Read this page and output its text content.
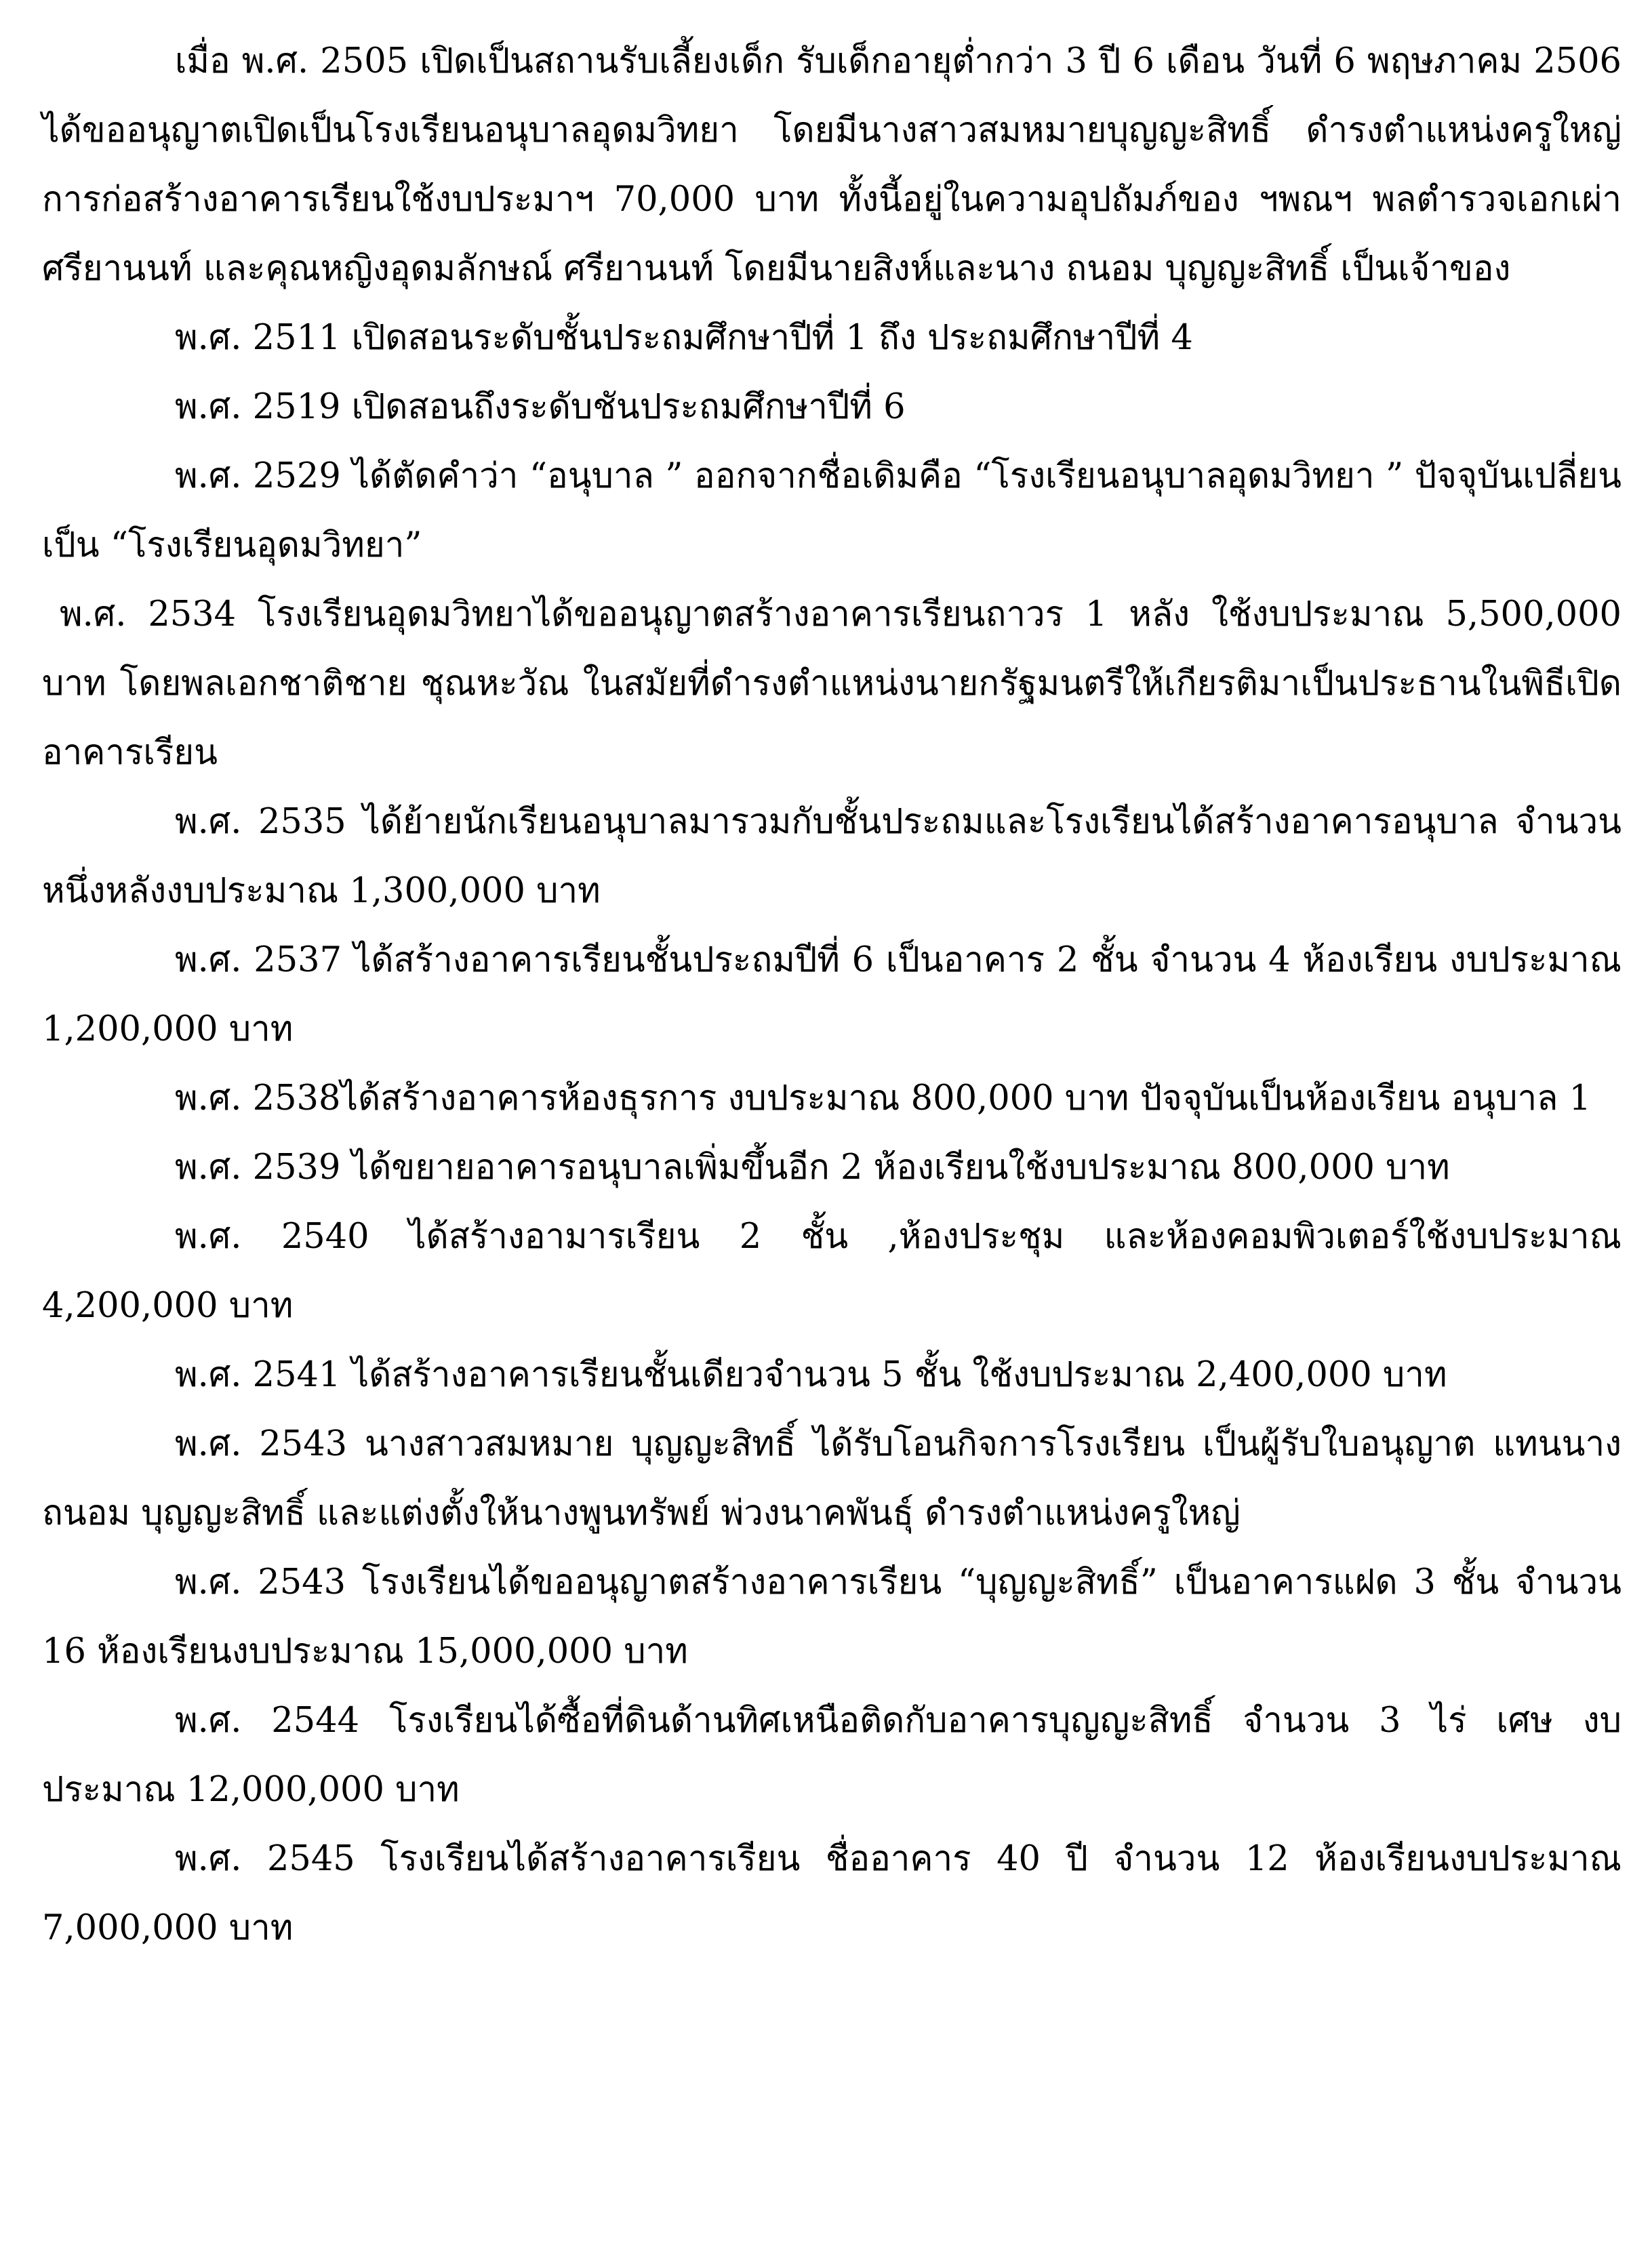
เมื่อ พ.ศ. 2505 เปิดเป็นสถานรับเลี้ยงเด็ก รับเด็กอายุต่ำกว่า 3 ปี 6 เดือน วันที่ 6 พฤษภาคม 2506 ได้ขออนุญาตเปิดเป็นโรงเรียนอนุบาลอุดมวิทยา โดยมีนางสาวสมหมายบุญญะสิทธิ์ ดำรงตำแหน่งครูใหญ่ การก่อสร้างอาคารเรียนใช้งบประมาฯ 70,000 บาท ทั้งนี้อยู่ในความอุปถัมภ์ของ ฯพณฯ พลตำรวจเอกเผ่า ศรียานนท์ และคุณหญิงอุดมลักษณ์ ศรียานนท์ โดยมีนายสิงห์และนาง ถนอม บุญญะสิทธิ์ เป็นเจ้าของ

พ.ศ. 2511 เปิดสอนระดับชั้นประถมศึกษาปีที่ 1 ถึง ประถมศึกษาปีที่ 4

พ.ศ. 2519 เปิดสอนถึงระดับชันประถมศึกษาปีที่ 6

พ.ศ. 2529 ได้ตัดคำว่า “อนุบาล ” ออกจากชื่อเดิมคือ “โรงเรียนอนุบาลอุดมวิทยา ” ปัจจุบันเปลี่ยนเป็น “โรงเรียนอุดมวิทยา”

พ.ศ. 2534 โรงเรียนอุดมวิทยาได้ขออนุญาตสร้างอาคารเรียนถาวร 1 หลัง ใช้งบประมาณ 5,500,000 บาท โดยพลเอกชาติชาย ชุณหะวัณ ในสมัยที่ดำรงตำแหน่งนายกรัฐมนตรีให้เกียรติมาเป็นประธานในพิธีเปิดอาคารเรียน

พ.ศ. 2535 ได้ย้ายนักเรียนอนุบาลมารวมกับชั้นประถมและโรงเรียนได้สร้างอาคารอนุบาล จำนวนหนึ่งหลังงบประมาณ 1,300,000 บาท

พ.ศ. 2537 ได้สร้างอาคารเรียนชั้นประถมปีที่ 6 เป็นอาคาร 2 ชั้น จำนวน 4 ห้องเรียน งบประมาณ 1,200,000 บาท

พ.ศ. 2538ได้สร้างอาคารห้องธุรการ งบประมาณ 800,000 บาท ปัจจุบันเป็นห้องเรียน อนุบาล 1

พ.ศ. 2539 ได้ขยายอาคารอนุบาลเพิ่มขึ้นอีก 2 ห้องเรียนใช้งบประมาณ 800,000 บาท

พ.ศ. 2540 ได้สร้างอามารเรียน 2 ชั้น ,ห้องประชุม และห้องคอมพิวเตอร์ใช้งบประมาณ 4,200,000 บาท

พ.ศ. 2541 ได้สร้างอาคารเรียนชั้นเดียวจำนวน 5 ชั้น ใช้งบประมาณ 2,400,000 บาท

พ.ศ. 2543 นางสาวสมหมาย บุญญะสิทธิ์ ได้รับโอนกิจการโรงเรียน เป็นผู้รับใบอนุญาต แทนนางถนอม บุญญะสิทธิ์ และแต่งตั้งให้นางพูนทรัพย์ พ่วงนาคพันธุ์ ดำรงตำแหน่งครูใหญ่

พ.ศ. 2543 โรงเรียนได้ขออนุญาตสร้างอาคารเรียน “บุญญะสิทธิ์” เป็นอาคารแฝด 3 ชั้น จำนวน 16 ห้องเรียนงบประมาณ 15,000,000 บาท

พ.ศ. 2544 โรงเรียนได้ซื้อที่ดินด้านทิศเหนือติดกับอาคารบุญญะสิทธิ์ จำนวน 3 ไร่ เศษ งบประมาณ 12,000,000 บาท

พ.ศ. 2545 โรงเรียนได้สร้างอาคารเรียน ชื่ออาคาร 40 ปี จำนวน 12 ห้องเรียนงบประมาณ 7,000,000 บาท
